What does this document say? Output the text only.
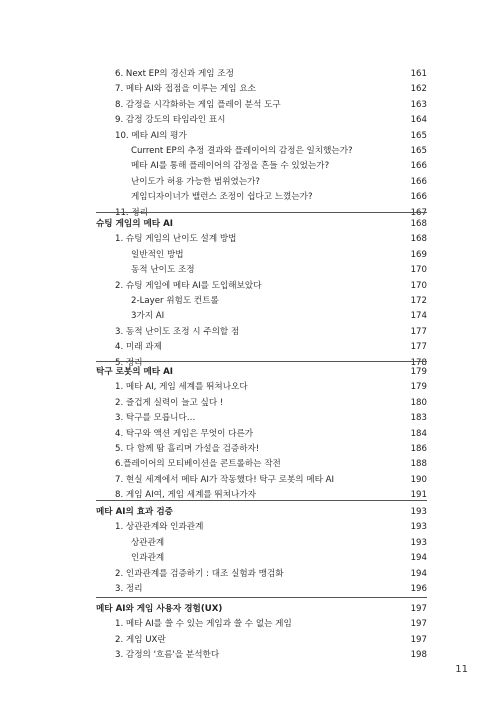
6. Next EP의 경신과 게임 조정	161
7. 메타 AI와 접점을 이루는 게임 요소	162
8. 감정을 시각화하는 게임 플레이 분석 도구	163
9. 감정 강도의 타임라인 표시	164
10. 메타 AI의 평가	165
Current EP의 추정 결과와 플레이어의 감정은 일치했는가?	165
메타 AI를 통해 플레이어의 감정을 흔들 수 있었는가?	166
난이도가 허용 가능한 범위였는가?	166
게임디자이너가 밸런스 조정이 쉽다고 느꼈는가?	166
11. 정리	167
슈팅 게임의 메타 AI	168
1. 슈팅 게임의 난이도 설계 방법	168
일반적인 방법	169
동적 난이도 조정	170
2. 슈팅 게임에 메타 AI를 도입해보았다	170
2-Layer 위험도 컨트롤	172
3가지 AI	174
3. 동적 난이도 조정 시 주의할 점	177
4. 미래 과제	177
5. 정리	178
탁구 로봇의 메타 AI	179
1. 메타 AI, 게임 세계를 뛰쳐나오다	179
2. 즐겁게 실력이 늘고 싶다 !	180
3. 탁구를 모릅니다…	183
4. 탁구와 액션 게임은 무엇이 다른가	184
5. 다 함께 땀 흘리며 가설을 검증하자!	186
6.플레이어의 모티베이션을 콘트롤하는 작전	188
7. 현실 세계에서 메타 AI가 작동했다! 탁구 로봇의 메타 AI	190
8. 게임 AI여, 게임 세계를 뛰쳐나가자	191
메타 AI의 효과 검증	193
1. 상관관계와 인과관계	193
상관관계	193
인과관계	194
2. 인과관계를 검증하기 : 대조 실험과 맹검화	194
3. 정리	196
메타 AI와 게임 사용자 경험(UX)	197
1. 메타 AI를 쓸 수 있는 게임과 쓸 수 없는 게임	197
2. 게임 UX란	197
3. 감정의 '흐름'을 분석한다	198
11
